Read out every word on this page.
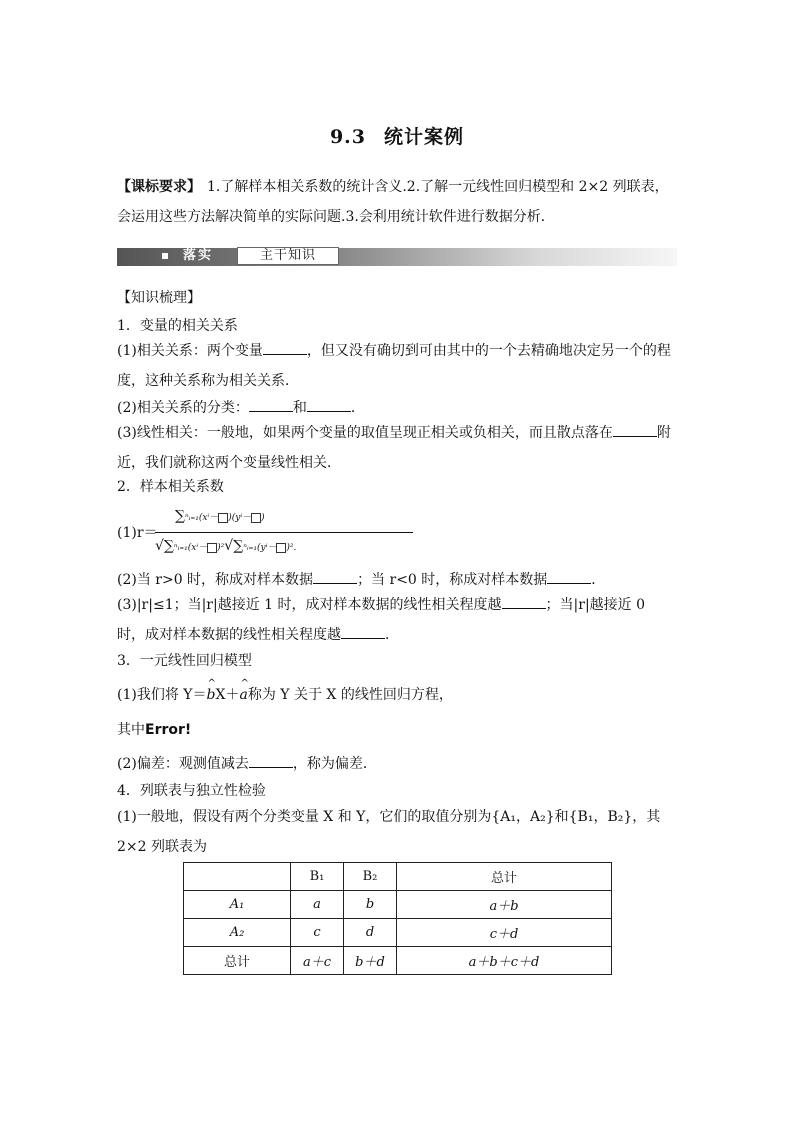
9.3 统计案例
【课标要求】 1.了解样本相关系数的统计含义.2.了解一元线性回归模型和 2×2 列联表，会运用这些方法解决简单的实际问题.3.会利用统计软件进行数据分析．
落实	主干知识
【知识梳理】
1．变量的相关关系
(1)相关关系：两个变量	，但又没有确切到可由其中的一个去精确地决定另一个的程度，这种关系称为相关关系．
(2)相关关系的分类：	和	．
(3)线性相关：一般地，如果两个变量的取值呈现正相关或负相关，而且散点落在	附近，我们就称这两个变量线性相关．
2．样本相关系数
(1)r＝
∑ⁿᵢ₌₁(xⁱ－ )(yⁱ－ )
√∑ⁿᵢ₌₁(xⁱ－ )²√∑ⁿᵢ₌₁(yⁱ－ )².
(2)当 r>0 时，称成对样本数据	；当 r<0 时，称成对样本数据	．
(3)|r|≤1；当|r|越接近 1 时，成对样本数据的线性相关程度越	；当|r|越接近 0 时，成对样本数据的线性相关程度越	．
3．一元线性回归模型
(1)我们将 Y＝^ bX＋^ a称为 Y 关于 X 的线性回归方程，
其中Error!
(2)偏差：观测值减去	，称为偏差．
4．列联表与独立性检验
(1)一般地，假设有两个分类变量 X 和 Y，它们的取值分别为{A₁，A₂}和{B₁，B₂}，其 2×2 列联表为
	B₁	B₂	总计
A₁	a	b	a＋b
A₂	c	d	c＋d
总计	a＋c	b＋d	a＋b＋c＋d
